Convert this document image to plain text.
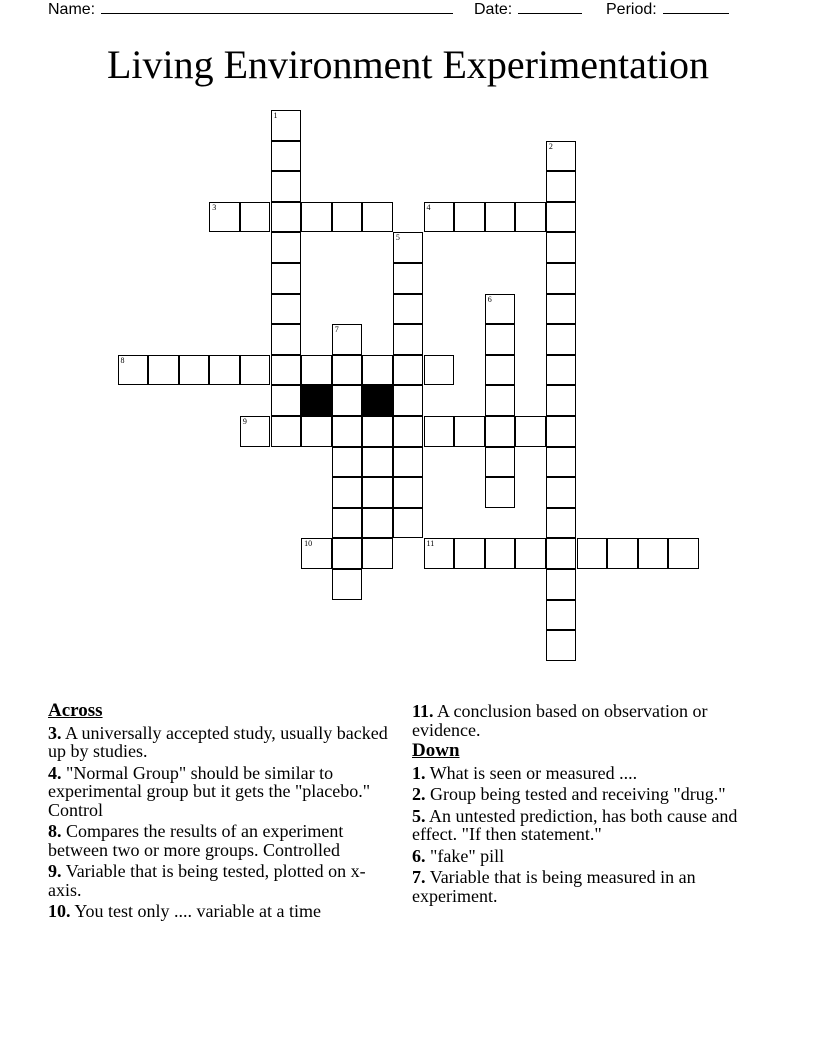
Name:	Date:	Period:
Living Environment Experimentation
1
2
3	4
5
6
7
8
9
10	11
Across
3. A universally accepted study, usually backed up by studies.
4. "Normal Group" should be similar to experimental group but it gets the "placebo." Control
8. Compares the results of an experiment between two or more groups. Controlled
9. Variable that is being tested, plotted on x-axis.
10. You test only .... variable at a time
11. A conclusion based on observation or evidence.
Down
1. What is seen or measured ....
2. Group being tested and receiving "drug."
5. An untested prediction, has both cause and effect. "If then statement."
6. "fake" pill
7. Variable that is being measured in an experiment.
